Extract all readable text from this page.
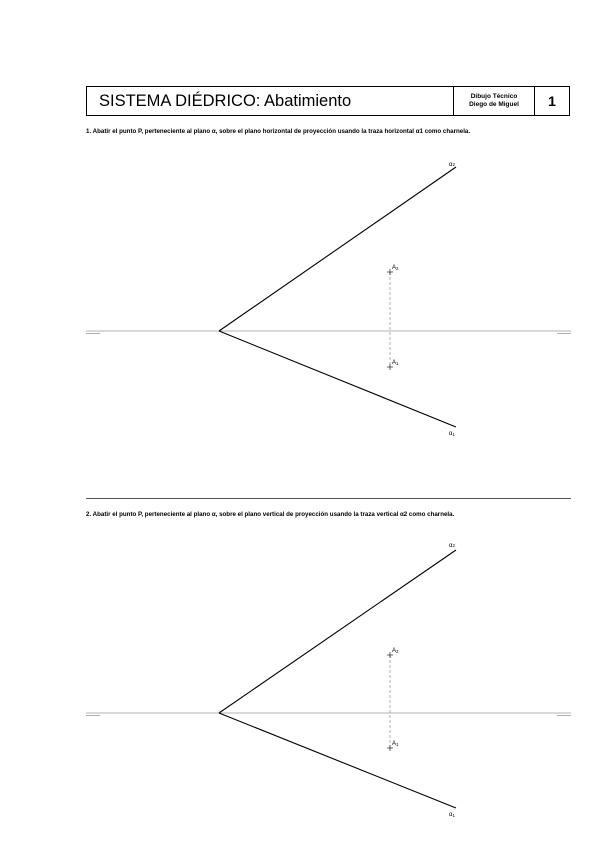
SISTEMA DIÉDRICO: Abatimiento	Dibujo Técnico
Diego de Miguel	1
1. Abatir el punto P, perteneciente al plano α, sobre el plano horizontal de proyección usando la traza horizontal α1 como charnela.
α2
α1
A2
A1
2. Abatir el punto P, perteneciente al plano α, sobre el plano vertical de proyección usando la traza vertical α2 como charnela.
α2
α1
A2
A1
